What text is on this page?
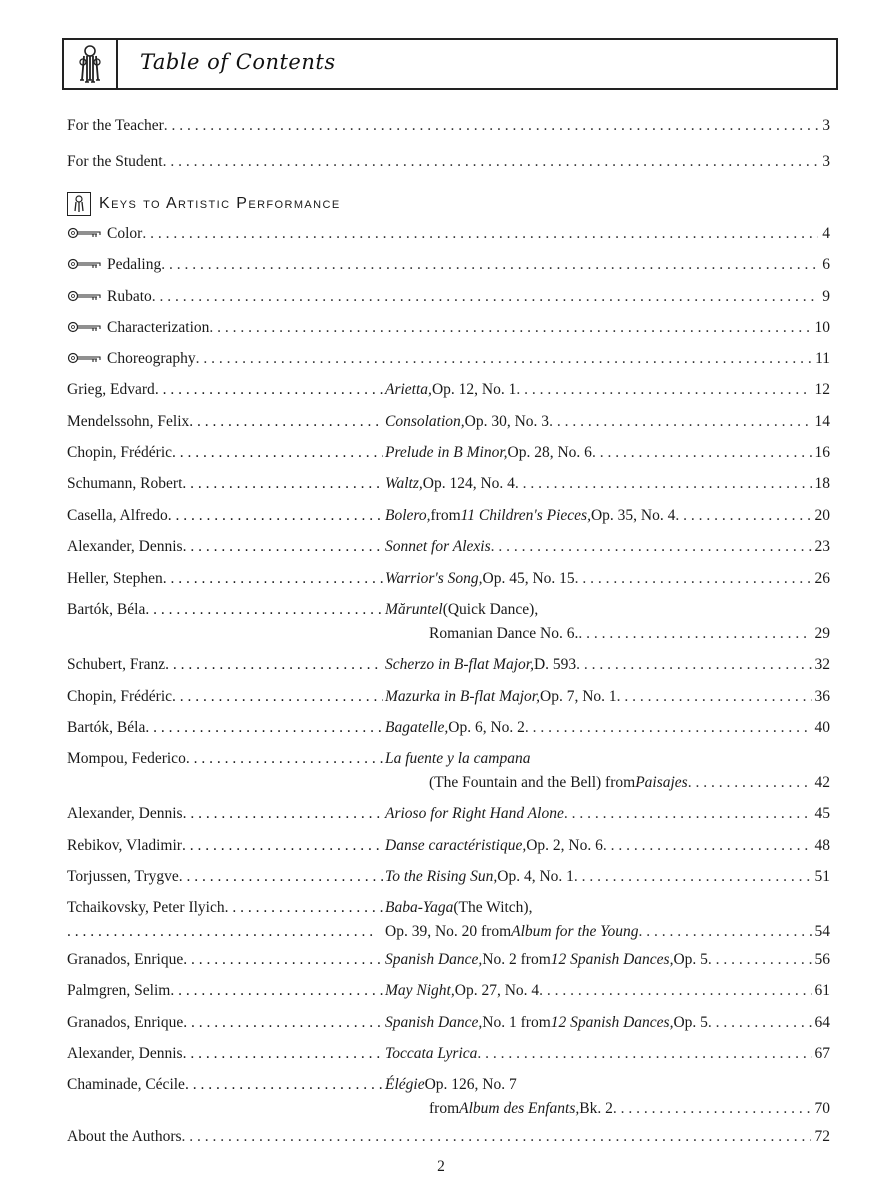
Table of Contents
For the Teacher . . .	3
For the Student . . .	3
Color . . .	4
Pedaling . . .	6
Rubato . . .	9
Characterization . . .	10
Choreography . . .	11
Grieg, Edvard . . .	Arietta, Op. 12, No. 1 . . .	12
Mendelssohn, Felix . . .	Consolation, Op. 30, No. 3 . . .	14
Chopin, Frédéric . . .	Prelude in B Minor, Op. 28, No. 6 . . .	16
Schumann, Robert . . .	Waltz, Op. 124, No. 4 . . .	18
Casella, Alfredo . . .	Bolero, from 11 Children's Pieces, Op. 35, No. 4 . . .	20
Alexander, Dennis . . .	Sonnet for Alexis . . .	23
Heller, Stephen . . .	Warrior's Song, Op. 45, No. 15 . . .	26
Bartók, Béla . . .	Măruntel (Quick Dance),
Romanian Dance No. 6. . . .	29
Schubert, Franz . . .	Scherzo in B-flat Major, D. 593 . . .	32
Chopin, Frédéric . . .	Mazurka in B-flat Major, Op. 7, No. 1 . . .	36
Bartók, Béla . . .	Bagatelle, Op. 6, No. 2 . . .	40
Mompou, Federico . . .	La fuente y la campana
(The Fountain and the Bell) from Paisajes . . .	42
Alexander, Dennis . . .	Arioso for Right Hand Alone . . .	45
Rebikov, Vladimir . . .	Danse caractéristique, Op. 2, No. 6 . . .	48
Torjussen, Trygve . . .	To the Rising Sun, Op. 4, No. 1 . . .	51
Tchaikovsky, Peter Ilyich . . .	Baba-Yaga (The Witch),
. . . . . . . . . . . . . . . . . . . . . . . . . . . . . . . . . . . . . . . . Op. 39, No. 20 from Album for the Young . . .	54
Granados, Enrique . . .	Spanish Dance, No. 2 from 12 Spanish Dances, Op. 5 . . .	56
Palmgren, Selim . . .	May Night, Op. 27, No. 4 . . .	61
Granados, Enrique . . .	Spanish Dance, No. 1 from 12 Spanish Dances, Op. 5 . . .	64
Alexander, Dennis . . .	Toccata Lyrica . . .	67
Chaminade, Cécile . . .	Élégie Op. 126, No. 7
from Album des Enfants, Bk. 2 . . .	70
About the Authors . . .	72
Keys to Artistic Performance
2
